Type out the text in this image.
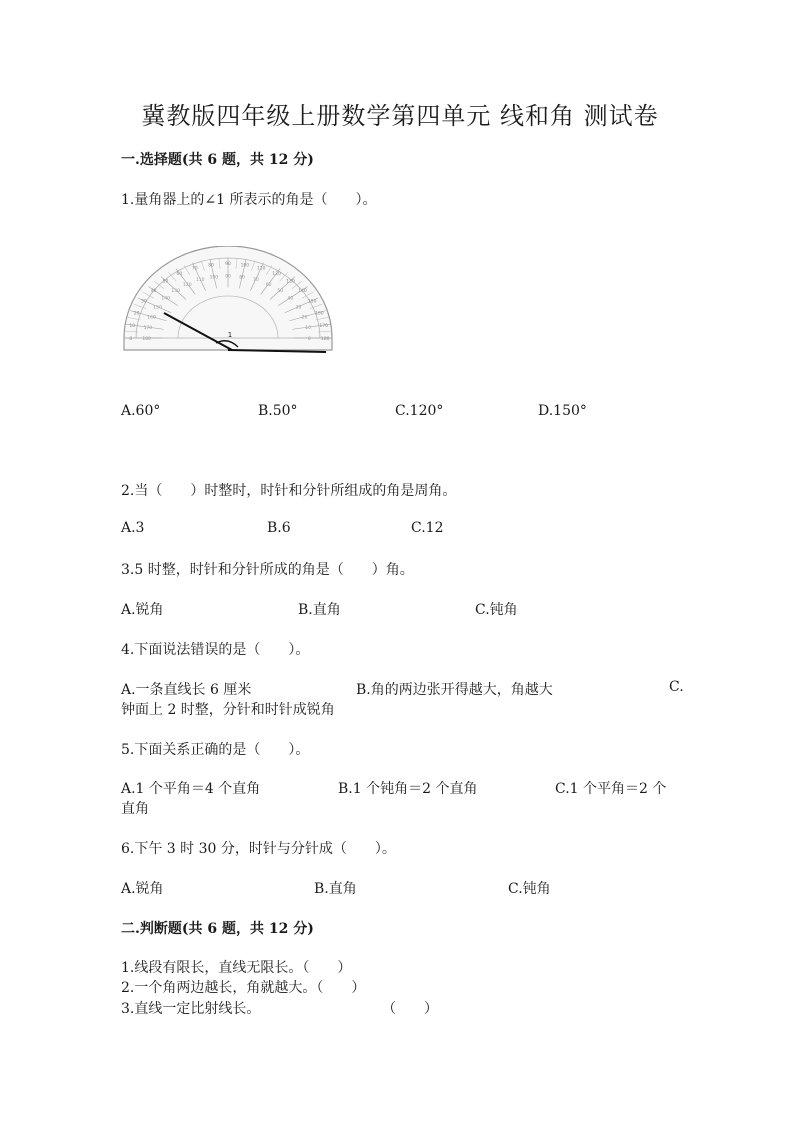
冀教版四年级上册数学第四单元 线和角 测试卷
一.选择题(共 6 题，共 12 分)
1.量角器上的∠1 所表示的角是（　　）。
0
10
20
30
40
50
60
70
80 90 100
110
120
130
140
150
160
170
180
180
170
160
150
140
130
120
110
100 90 80
70
60
50
40
30
20
10
0
1
A.60°	B.50°	C.120°	D.150°
2.当（　　）时整时，时针和分针所组成的角是周角。
A.3	B.6	C.12
3.5 时整，时针和分针所成的角是（　　）角。
A.锐角	B.直角	C.钝角
4.下面说法错误的是（　　）。
A.一条直线长 6 厘米	B.角的两边张开得越大，角越大	C.
钟面上 2 时整，分针和时针成锐角
5.下面关系正确的是（　　）。
A.1 个平角＝4 个直角	B.1 个钝角＝2 个直角	C.1 个平角＝2 个
直角
6.下午 3 时 30 分，时针与分针成（　　）。
A.锐角	B.直角	C.钝角
二.判断题(共 6 题，共 12 分)
1.线段有限长，直线无限长。（　　）
2.一个角两边越长，角就越大。（　　）
3.直线一定比射线长。	（　　）
